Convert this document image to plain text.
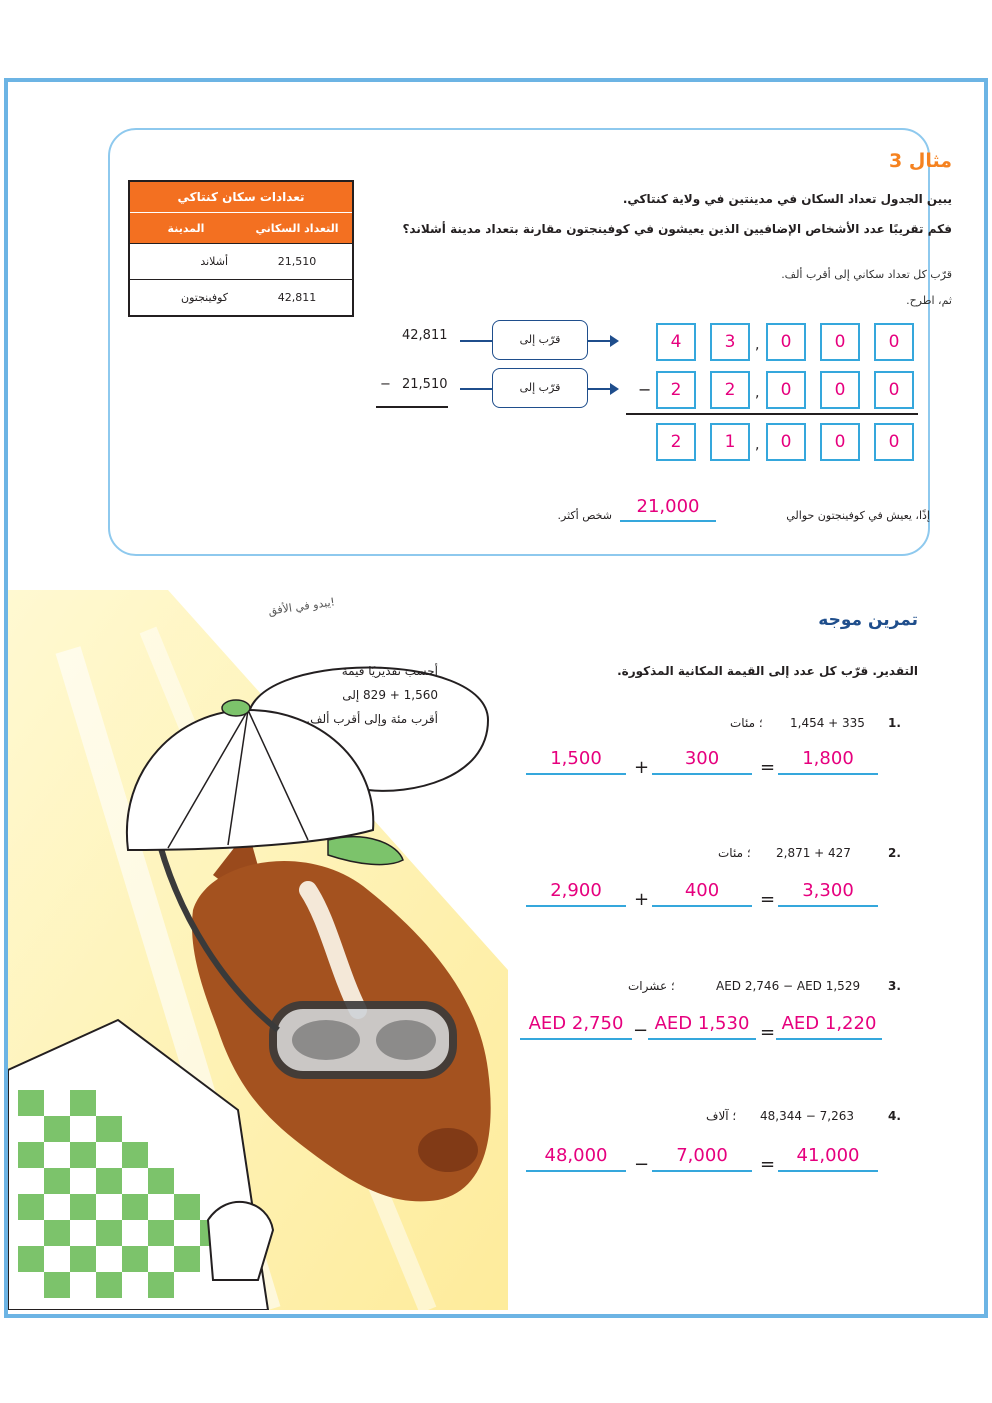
مثال 3
يبين الجدول تعداد السكان في مدينتين في ولاية كنتاكي.
فكم تقريبًا عدد الأشخاص الإضافيين الذين يعيشون في كوفينجتون مقارنة بتعداد مدينة أشلاند؟
قرّب كل تعداد سكاني إلى أقرب ألف.
ثم، اطرح.
تعدادات سكان كنتاكي	
المدينة	التعداد السكاني
أشلاند	21,510
كوفينجتون	42,811
42,811
− 21,510
قرّب إلى
قرّب إلى
4	3	,	0	0	0
−	2	2	,	0	0	0
2	1	,	0	0	0
إذًا، يعيش في كوفينجتون حوالي
21,000
شخص أكثر.
يبدو في الأفق!
أحسب تقديريًا قيمة
1,560 + 829 إلى
أقرب مئة وإلى أقرب ألف.
تمرين موجه
التقدير. قرّب كل عدد إلى القيمة المكانية المذكورة.
1.
1,454 + 335
؛ مئات
1,500	+	300	=	1,800
2.
2,871 + 427
؛ مئات
2,900	+	400	=	3,300
3.
AED 2,746 − AED 1,529
؛ عشرات
AED 2,750 − AED 1,530 = AED 1,220
4.
48,344 − 7,263
؛ آلاف
48,000	−	7,000	=	41,000
